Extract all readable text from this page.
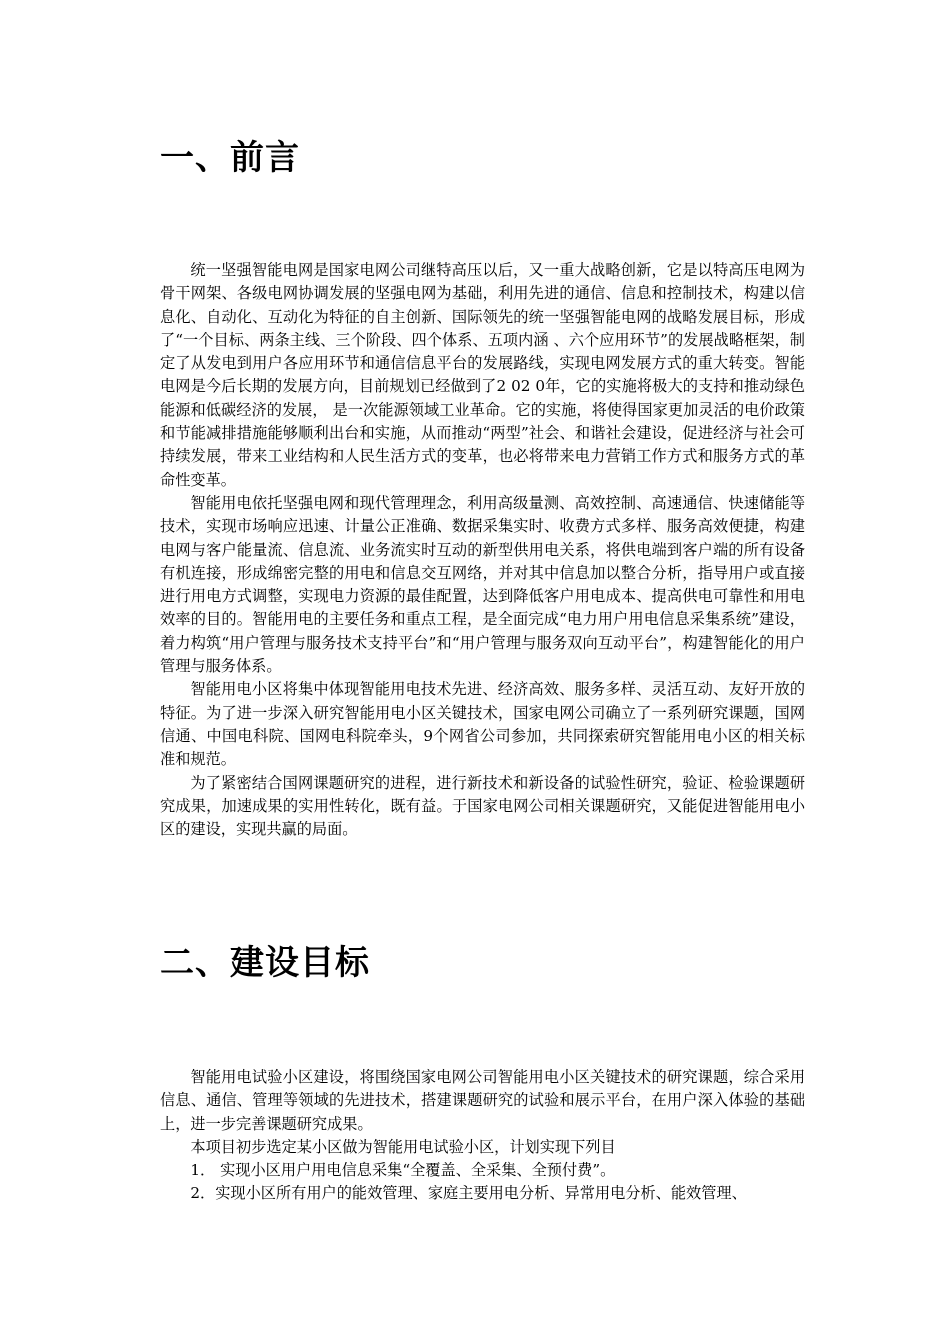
一、前言

统一坚强智能电网是国家电网公司继特高压以后，又一重大战略创新，它是以特高压电网为骨干网架、各级电网协调发展的坚强电网为基础，利用先进的通信、信息和控制技术，构建以信息化、自动化、互动化为特征的自主创新、国际领先的统一坚强智能电网的战略发展目标，形成了“一个目标、两条主线、三个阶段、四个体系、五项内涵 、六个应用环节”的发展战略框架，制定了从发电到用户各应用环节和通信信息平台的发展路线，实现电网发展方式的重大转变。智能电网是今后长期的发展方向，目前规划已经做到了2 02 0年，它的实施将极大的支持和推动绿色能源和低碳经济的发展， 是一次能源领域工业革命。它的实施，将使得国家更加灵活的电价政策和节能减排措施能够顺利出台和实施，从而推动“两型”社会、和谐社会建设，促进经济与社会可持续发展，带来工业结构和人民生活方式的变革，也必将带来电力营销工作方式和服务方式的革命性变革。

智能用电依托坚强电网和现代管理理念，利用高级量测、高效控制、高速通信、快速储能等技术，实现市场响应迅速、计量公正准确、数据采集实时、收费方式多样、服务高效便捷，构建电网与客户能量流、信息流、业务流实时互动的新型供用电关系，将供电端到客户端的所有设备有机连接，形成绵密完整的用电和信息交互网络，并对其中信息加以整合分析，指导用户或直接进行用电方式调整，实现电力资源的最佳配置，达到降低客户用电成本、提高供电可靠性和用电效率的目的。智能用电的主要任务和重点工程，是全面完成“电力用户用电信息采集系统”建设，着力构筑“用户管理与服务技术支持平台”和“用户管理与服务双向互动平台”，构建智能化的用户管理与服务体系。

智能用电小区将集中体现智能用电技术先进、经济高效、服务多样、灵活互动、友好开放的特征。为了进一步深入研究智能用电小区关键技术，国家电网公司确立了一系列研究课题，国网信通、中国电科院、国网电科院牵头，9个网省公司参加，共同探索研究智能用电小区的相关标准和规范。

为了紧密结合国网课题研究的进程，进行新技术和新设备的试验性研究，验证、检验课题研究成果，加速成果的实用性转化，既有益。于国家电网公司相关课题研究，又能促进智能用电小区的建设，实现共赢的局面。

二、建设目标

智能用电试验小区建设，将围绕国家电网公司智能用电小区关键技术的研究课题，综合采用信息、通信、管理等领域的先进技术，搭建课题研究的试验和展示平台，在用户深入体验的基础上，进一步完善课题研究成果。

本项目初步选定某小区做为智能用电试验小区，计划实现下列目

1． 实现小区用户用电信息采集“全覆盖、全采集、全预付费”。

2．实现小区所有用户的能效管理、家庭主要用电分析、异常用电分析、能效管理、
